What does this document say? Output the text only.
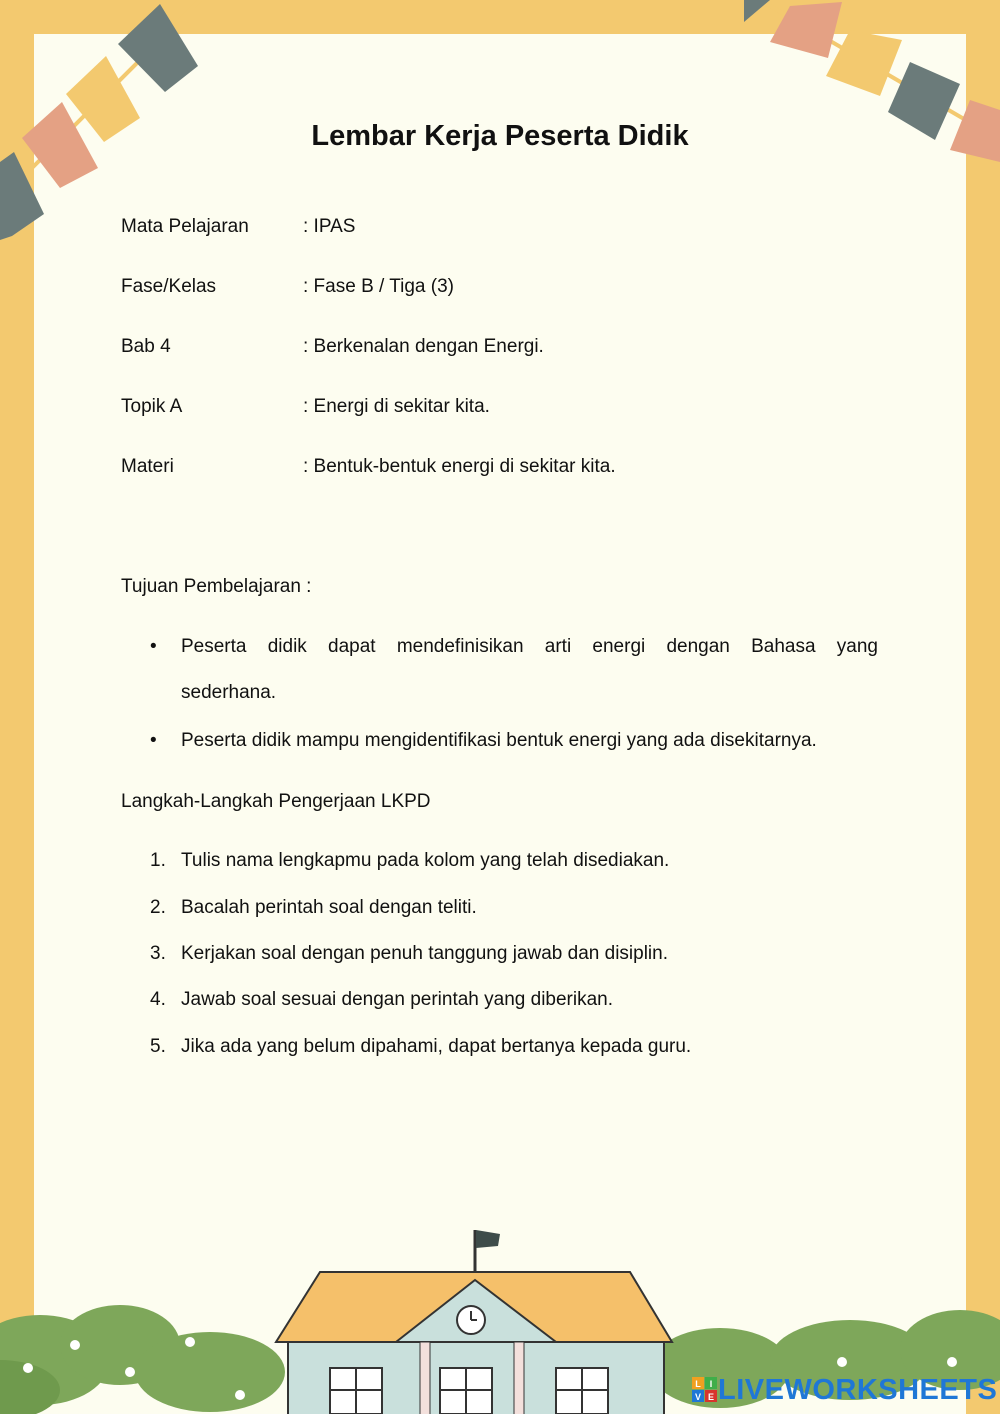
Lembar Kerja Peserta Didik
Mata Pelajaran	: IPAS
Fase/Kelas	: Fase B / Tiga (3)
Bab 4	: Berkenalan dengan Energi.
Topik A	: Energi di sekitar kita.
Materi	: Bentuk-bentuk energi di sekitar kita.
Tujuan Pembelajaran :
• Peserta didik dapat mendefinisikan arti energi dengan Bahasa yang
sederhana.
• Peserta didik mampu mengidentifikasi bentuk energi yang ada disekitarnya.
Langkah-Langkah Pengerjaan LKPD
1. Tulis nama lengkapmu pada kolom yang telah disediakan.
2. Bacalah perintah soal dengan teliti.
3. Kerjakan soal dengan penuh tanggung jawab dan disiplin.
4. Jawab soal sesuai dengan perintah yang diberikan.
5. Jika ada yang belum dipahami, dapat bertanya kepada guru.
L I
V E LIVEWORKSHEETS
